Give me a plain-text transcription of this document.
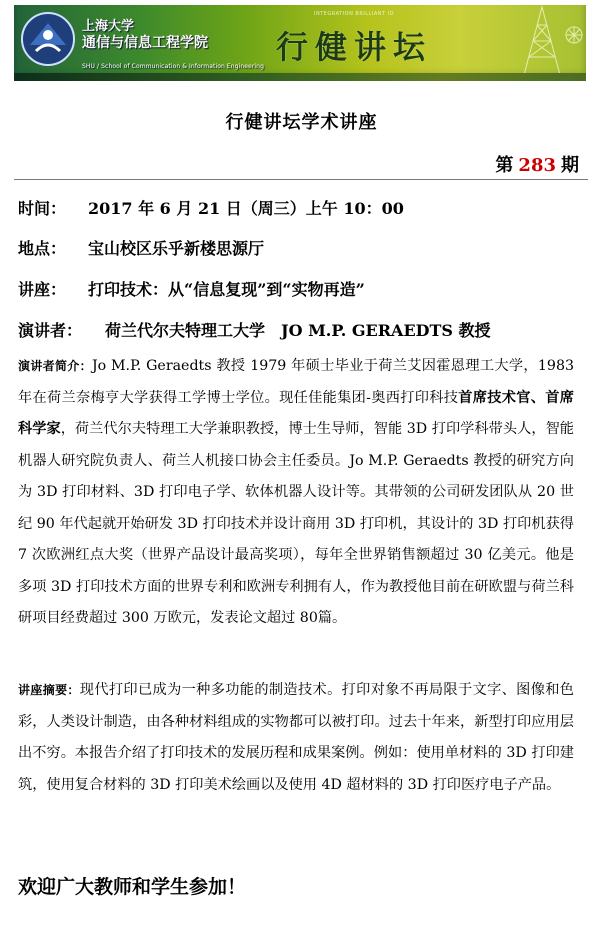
上海大学
通信与信息工程学院
SHU / School of Communication & Information Engineering
INTEGRATION BRILLIANT ID
行健讲坛
行健讲坛学术讲座
第 283 期
时间： 2017 年 6 月 21 日（周三）上午 10：00
地点： 宝山校区乐乎新楼思源厅
讲座： 打印技术：从“信息复现”到“实物再造”
演讲者： 荷兰代尔夫特理工大学　JO M.P. GERAEDTS 教授
演讲者简介：Jo M.P. Geraedts 教授 1979 年硕士毕业于荷兰艾因霍恩理工大学，1983 年在荷兰奈梅亨大学获得工学博士学位。现任佳能集团-奥西打印科技首席技术官、首席科学家，荷兰代尔夫特理工大学兼职教授，博士生导师，智能 3D 打印学科带头人，智能机器人研究院负责人、荷兰人机接口协会主任委员。Jo M.P. Geraedts 教授的研究方向为 3D 打印材料、3D 打印电子学、软体机器人设计等。其带领的公司研发团队从 20 世纪 90 年代起就开始研发 3D 打印技术并设计商用 3D 打印机，其设计的 3D 打印机获得 7 次欧洲红点大奖（世界产品设计最高奖项），每年全世界销售额超过 30 亿美元。他是多项 3D 打印技术方面的世界专利和欧洲专利拥有人，作为教授他目前在研欧盟与荷兰科研项目经费超过 300 万欧元，发表论文超过 80篇。
讲座摘要：现代打印已成为一种多功能的制造技术。打印对象不再局限于文字、图像和色彩，人类设计制造，由各种材料组成的实物都可以被打印。过去十年来，新型打印应用层出不穷。本报告介绍了打印技术的发展历程和成果案例。例如：使用单材料的 3D 打印建筑，使用复合材料的 3D 打印美术绘画以及使用 4D 超材料的 3D 打印医疗电子产品。
欢迎广大教师和学生参加！
